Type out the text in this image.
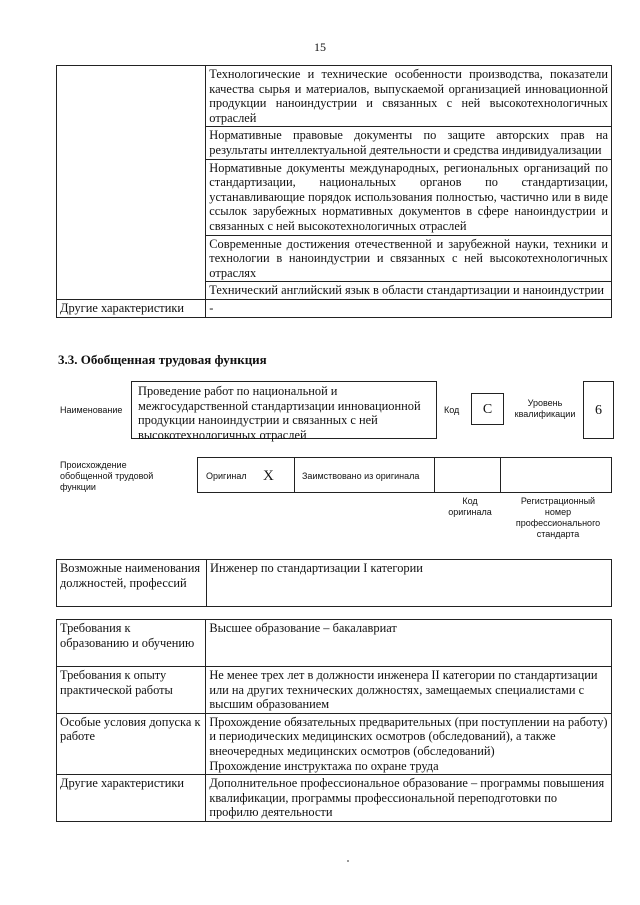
15
	Технологические и технические особенности производства, показатели качества сырья и материалов, выпускаемой организацией инновационной продукции наноиндустрии и связанных с ней высокотехнологичных отраслей
	Нормативные правовые документы по защите авторских прав на результаты интеллектуальной деятельности и средства индивидуализации
	Нормативные документы международных, региональных организаций по стандартизации, национальных органов по стандартизации, устанавливающие порядок использования полностью, частично или в виде ссылок зарубежных нормативных документов в сфере наноиндустрии и связанных с ней высокотехнологичных отраслей
	Современные достижения отечественной и зарубежной науки, техники и технологии в наноиндустрии и связанных с ней высокотехнологичных отраслях
	Технический английский язык в области стандартизации и наноиндустрии
Другие характеристики	-
3.3. Обобщенная трудовая функция
Наименование
Проведение работ по национальной и межгосударственной стандартизации инновационной продукции наноиндустрии и связанных с ней высокотехнологичных отраслей
Код	C	Уровень квалификации	6
Происхождение обобщенной трудовой функции
Оригинал X	Заимствовано из оригинала
Код оригинала
Регистрационный номер профессионального стандарта
Возможные наименования должностей, профессий	Инженер по стандартизации I категории
Требования к образованию и обучению	Высшее образование – бакалавриат
Требования к опыту практической работы	Не менее трех лет в должности инженера II категории по стандартизации или на других технических должностях, замещаемых специалистами с высшим образованием
Особые условия допуска к работе	Прохождение обязательных предварительных (при поступлении на работу) и периодических медицинских осмотров (обследований), а также внеочередных медицинских осмотров (обследований)
Прохождение инструктажа по охране труда

Другие характеристики	Дополнительное профессиональное образование – программы повышения квалификации, программы профессиональной переподготовки по профилю деятельности
